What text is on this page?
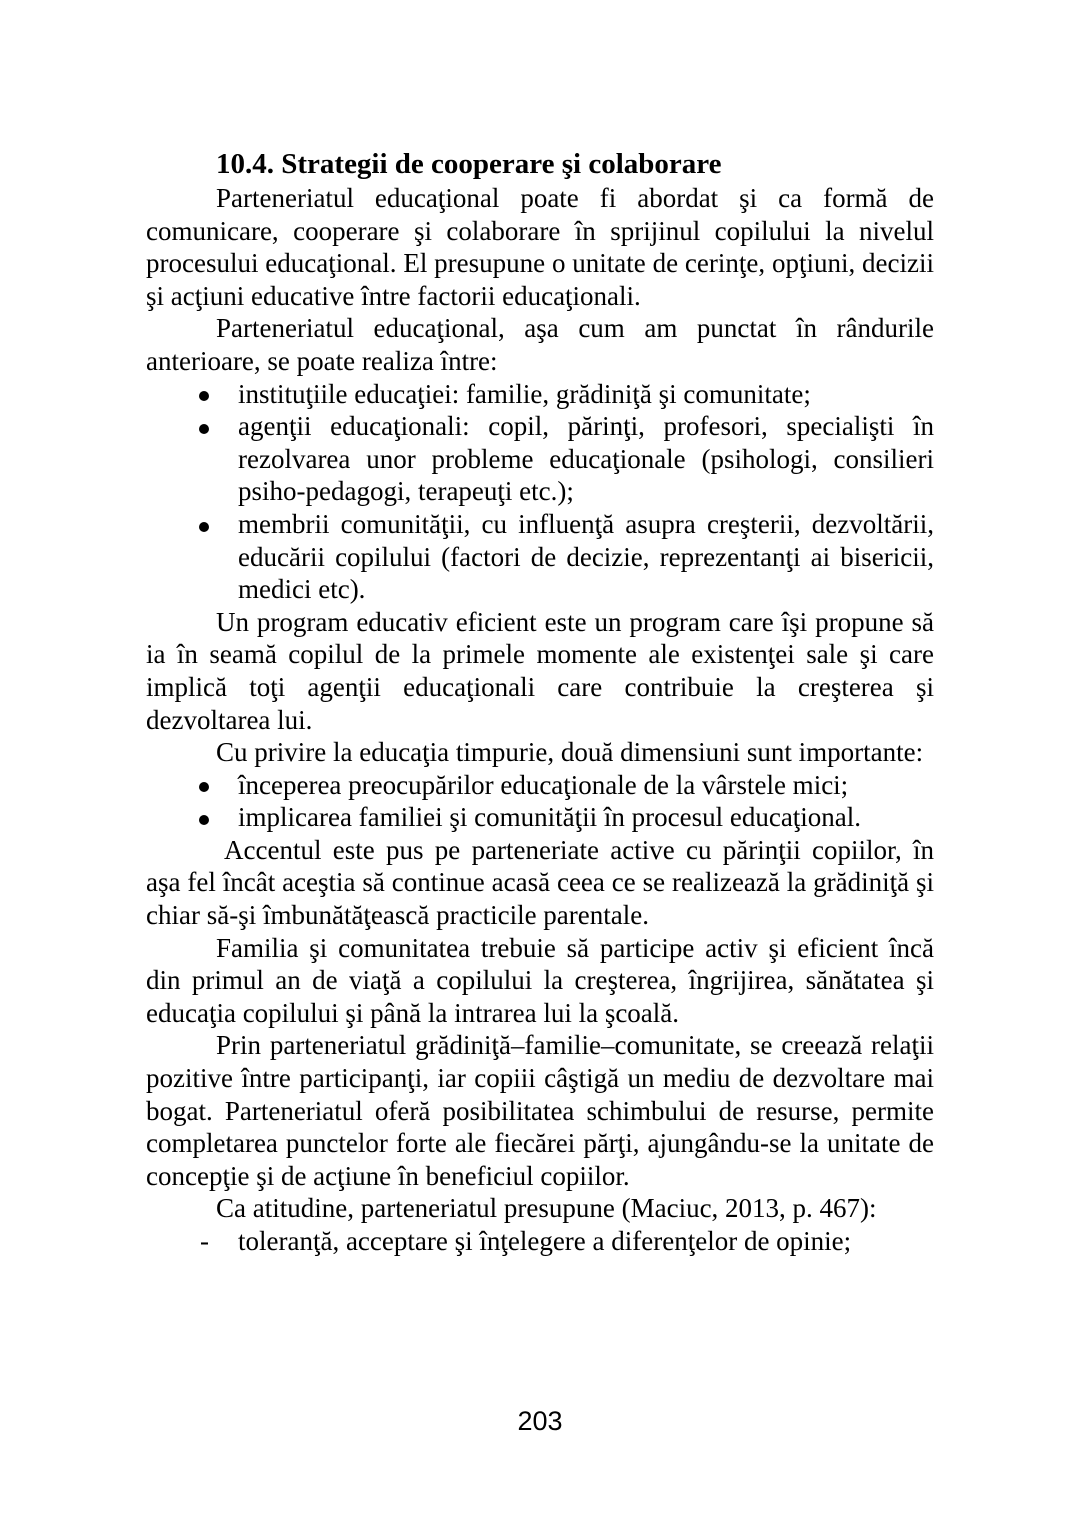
10.4. Strategii de cooperare şi colaborare

Parteneriatul educaţional poate fi abordat şi ca formă de comunicare, cooperare şi colaborare în sprijinul copilului la nivelul procesului educaţional. El presupune o unitate de cerinţe, opţiuni, decizii şi acţiuni educative între factorii educaţionali.

Parteneriatul educaţional, aşa cum am punctat în rândurile anterioare, se poate realiza între:

instituţiile educaţiei: familie, grădiniţă şi comunitate;
agenţii educaţionali: copil, părinţi, profesori, specialişti în rezolvarea unor probleme educaţionale (psihologi, consilieri psiho-pedagogi, terapeuţi etc.);
membrii comunităţii, cu influenţă asupra creşterii, dezvoltării, educării copilului (factori de decizie, reprezentanţi ai bisericii, medici etc).

Un program educativ eficient este un program care îşi propune să ia în seamă copilul de la primele momente ale existenţei sale şi care implică toţi agenţii educaţionali care contribuie la creşterea şi dezvoltarea lui.

Cu privire la educaţia timpurie, două dimensiuni sunt importante:

începerea preocupărilor educaţionale de la vârstele mici;
implicarea familiei şi comunităţii în procesul educaţional.

Accentul este pus pe parteneriate active cu părinţii copiilor, în aşa fel încât aceştia să continue acasă ceea ce se realizează la grădiniţă şi chiar să-şi îmbunătăţească practicile parentale.

Familia şi comunitatea trebuie să participe activ şi eficient încă din primul an de viaţă a copilului la creşterea, îngrijirea, sănătatea şi educaţia copilului şi până la intrarea lui la şcoală.

Prin parteneriatul grădiniţă–familie–comunitate, se creează relaţii pozitive între participanţi, iar copiii câştigă un mediu de dezvoltare mai bogat. Parteneriatul oferă posibilitatea schimbului de resurse, permite completarea punctelor forte ale fiecărei părţi, ajungându-se la unitate de concepţie şi de acţiune în beneficiul copiilor.

Ca atitudine, parteneriatul presupune (Maciuc, 2013, p. 467):

- toleranţă, acceptare şi înţelegere a diferenţelor de opinie;
203
